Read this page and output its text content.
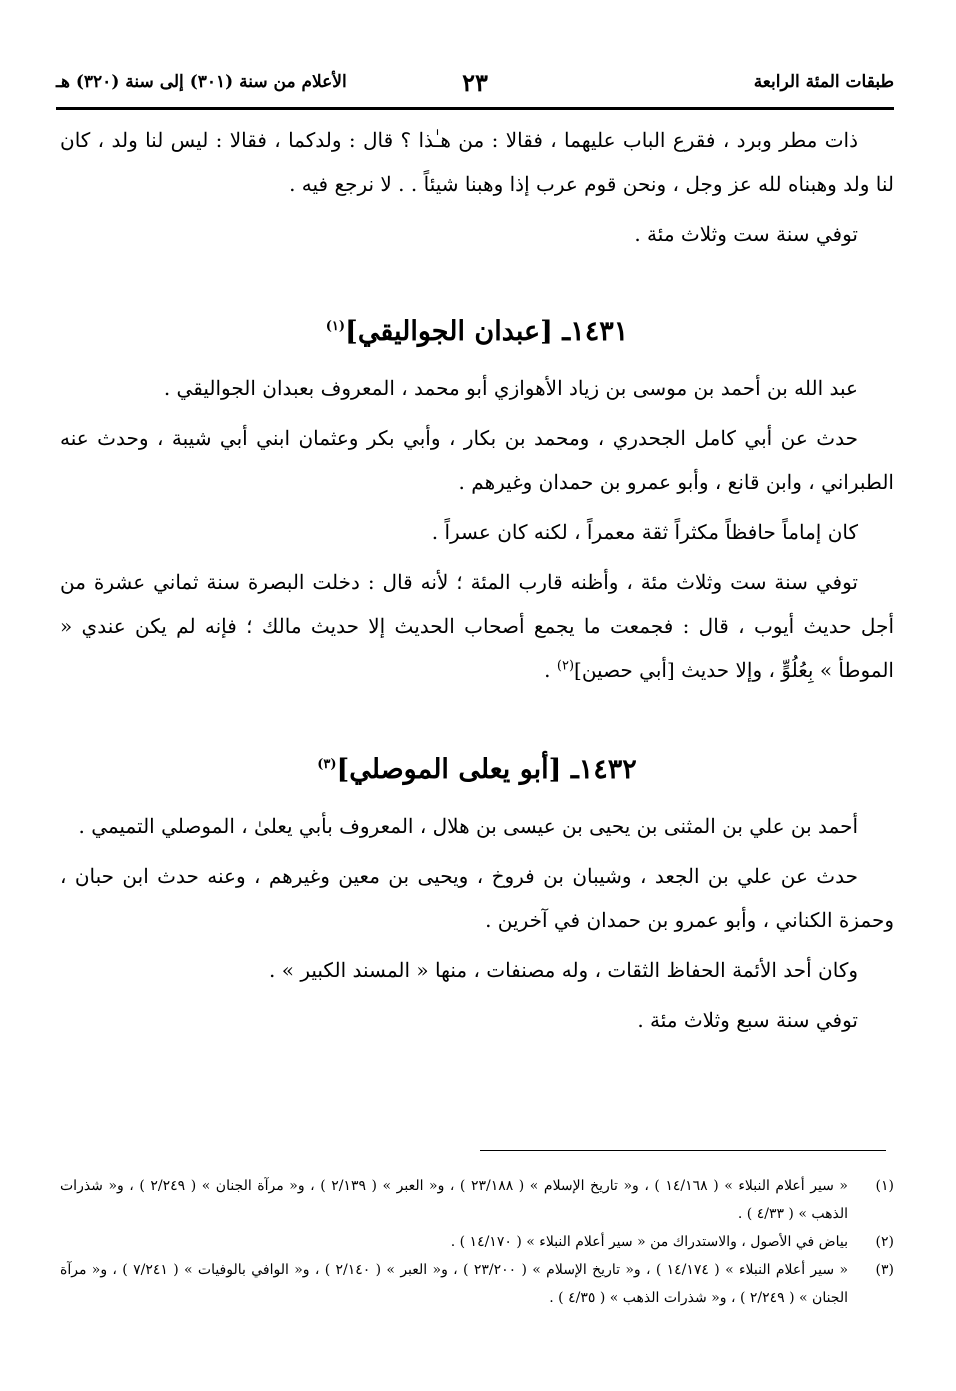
طبقات المئة الرابعة
٢٣
الأعلام من سنة (٣٠١) إلى سنة (٣٢٠) هـ

ذات مطر وبرد ، فقرع الباب عليهما ، فقالا : من هـٰذا ؟ قال : ولدكما ، فقالا : ليس لنا ولد ، كان لنا ولد وهبناه لله عز وجل ، ونحن قوم عرب إذا وهبنا شيئاً . . لا نرجع فيه .

توفي سنة ست وثلاث مئة .

١٤٣١ـ [عبدان الجواليقي]$^{(١)}$

عبد الله بن أحمد بن موسى بن زياد الأهوازي أبو محمد ، المعروف بعبدان الجواليقي .

حدث عن أبي كامل الجحدري ، ومحمد بن بكار ، وأبي بكر وعثمان ابني أبي شيبة ، وحدث عنه الطبراني ، وابن قانع ، وأبو عمرو بن حمدان وغيرهم .

كان إماماً حافظاً مكثراً ثقة معمراً ، لكنه كان عسراً .

توفي سنة ست وثلاث مئة ، وأظنه قارب المئة ؛ لأنه قال : دخلت البصرة سنة ثماني عشرة من أجل حديث أيوب ، قال : فجمعت ما يجمع أصحاب الحديث إلا حديث مالك ؛ فإنه لم يكن عندي « الموطأ » بِعُلُوٍّ ، وإلا حديث [أبي حصين]$^{(٢)}$ .

١٤٣٢ـ [أبو يعلى الموصلي]$^{(٣)}$

أحمد بن علي بن المثنى بن يحيى بن عيسى بن هلال ، المعروف بأبي يعلىٰ ، الموصلي التميمي .

حدث عن علي بن الجعد ، وشيبان بن فروخ ، ويحيى بن معين وغيرهم ، وعنه حدث ابن حبان ، وحمزة الكناني ، وأبو عمرو بن حمدان في آخرين .

وكان أحد الأئمة الحفاظ الثقات ، وله مصنفات ، منها « المسند الكبير » .

توفي سنة سبع وثلاث مئة .

(١)
« سير أعلام النبلاء » ( ١٤/١٦٨ ) ، و« تاريخ الإسلام » ( ٢٣/١٨٨ ) ، و« العبر » ( ٢/١٣٩ ) ، و« مرآة الجنان » ( ٢/٢٤٩ ) ، و« شذرات الذهب » ( ٤/٣٣ ) .
(٢)
بياض في الأصول ، والاستدراك من « سير أعلام النبلاء » ( ١٤/١٧٠ ) .
(٣)
« سير أعلام النبلاء » ( ١٤/١٧٤ ) ، و« تاريخ الإسلام » ( ٢٣/٢٠٠ ) ، و« العبر » ( ٢/١٤٠ ) ، و« الوافي بالوفيات » ( ٧/٢٤١ ) ، و« مرآة الجنان » ( ٢/٢٤٩ ) ، و« شذرات الذهب » ( ٤/٣٥ ) .
